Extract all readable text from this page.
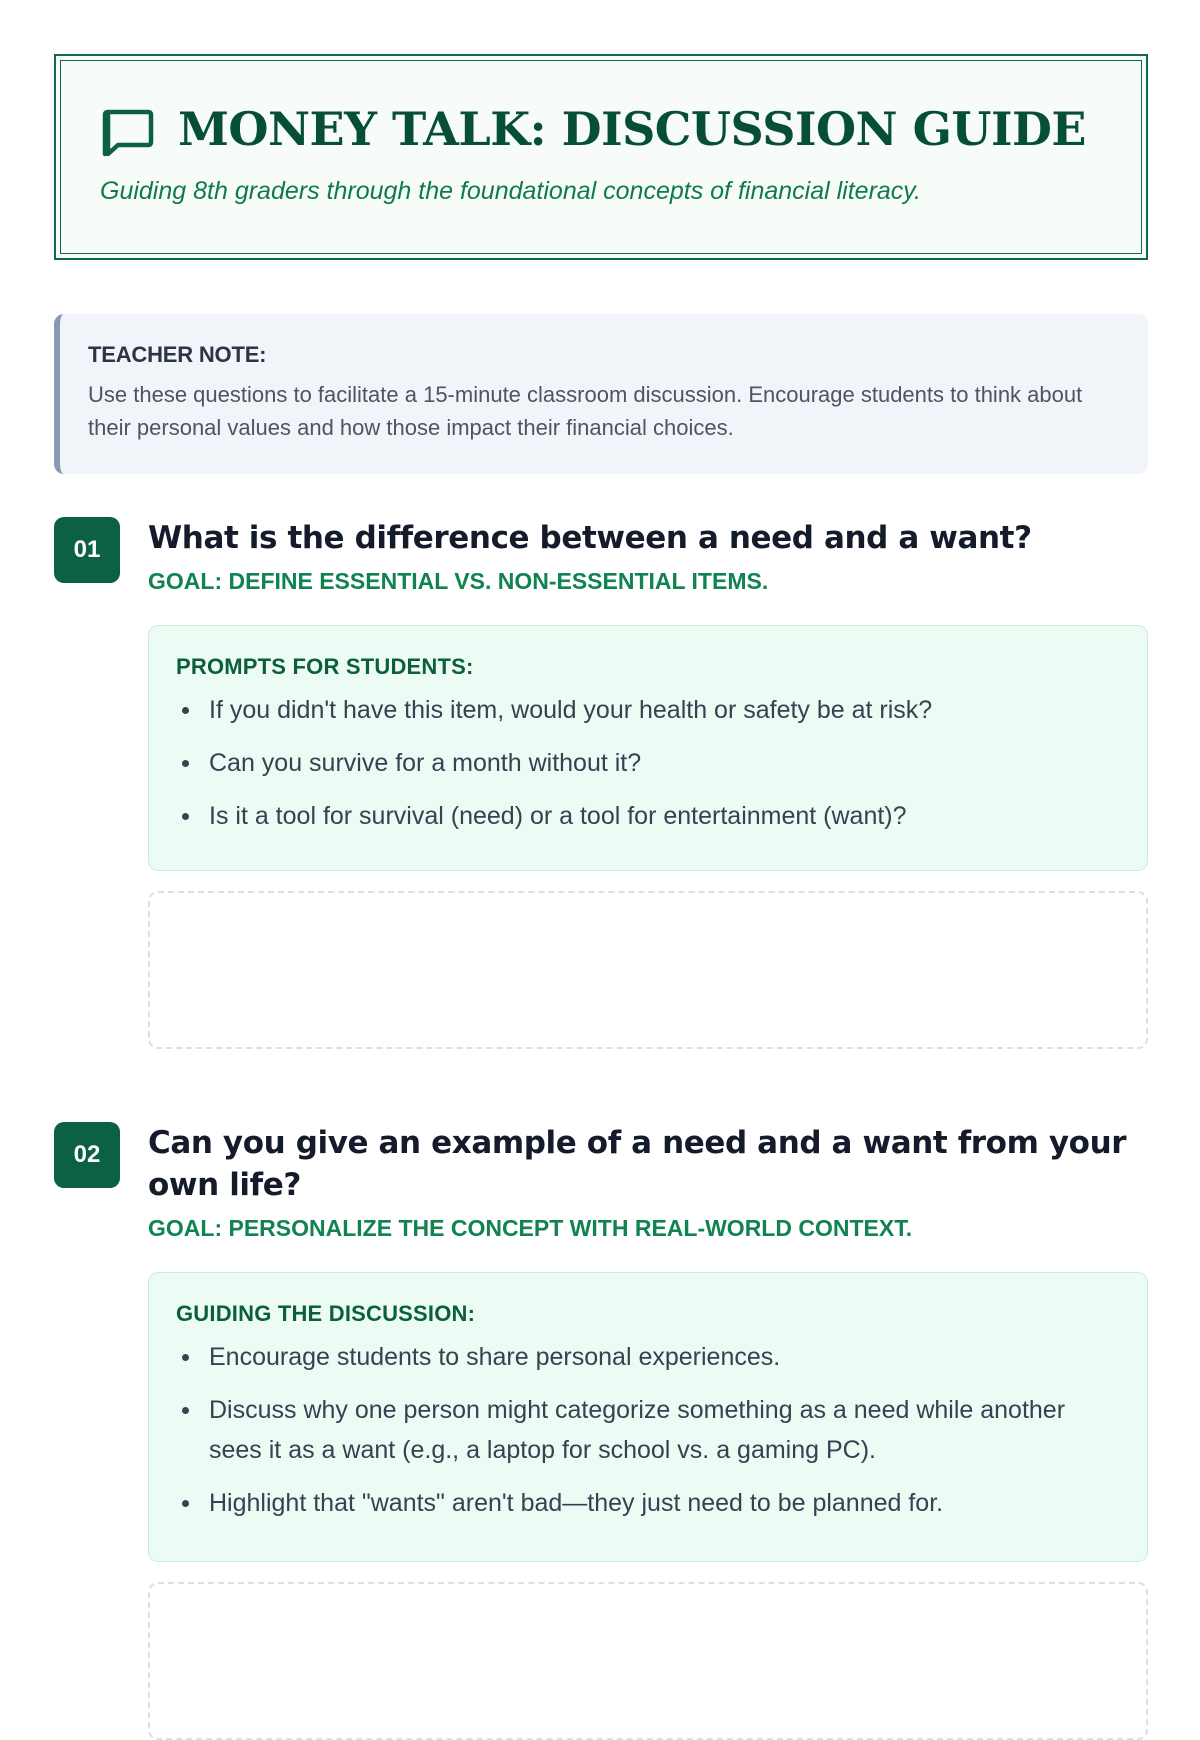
MONEY TALK: DISCUSSION GUIDE
Guiding 8th graders through the foundational concepts of financial literacy.
TEACHER NOTE:
Use these questions to facilitate a 15-minute classroom discussion. Encourage students to think about their personal values and how those impact their financial choices.
01	What is the difference between a need and a want?
GOAL: DEFINE ESSENTIAL VS. NON-ESSENTIAL ITEMS.
PROMPTS FOR STUDENTS:
If you didn't have this item, would your health or safety be at risk?
Can you survive for a month without it?
Is it a tool for survival (need) or a tool for entertainment (want)?
02	Can you give an example of a need and a want from your own life?
GOAL: PERSONALIZE THE CONCEPT WITH REAL-WORLD CONTEXT.
GUIDING THE DISCUSSION:
Encourage students to share personal experiences.
Discuss why one person might categorize something as a need while another sees it as a want (e.g., a laptop for school vs. a gaming PC).
Highlight that "wants" aren't bad—they just need to be planned for.
